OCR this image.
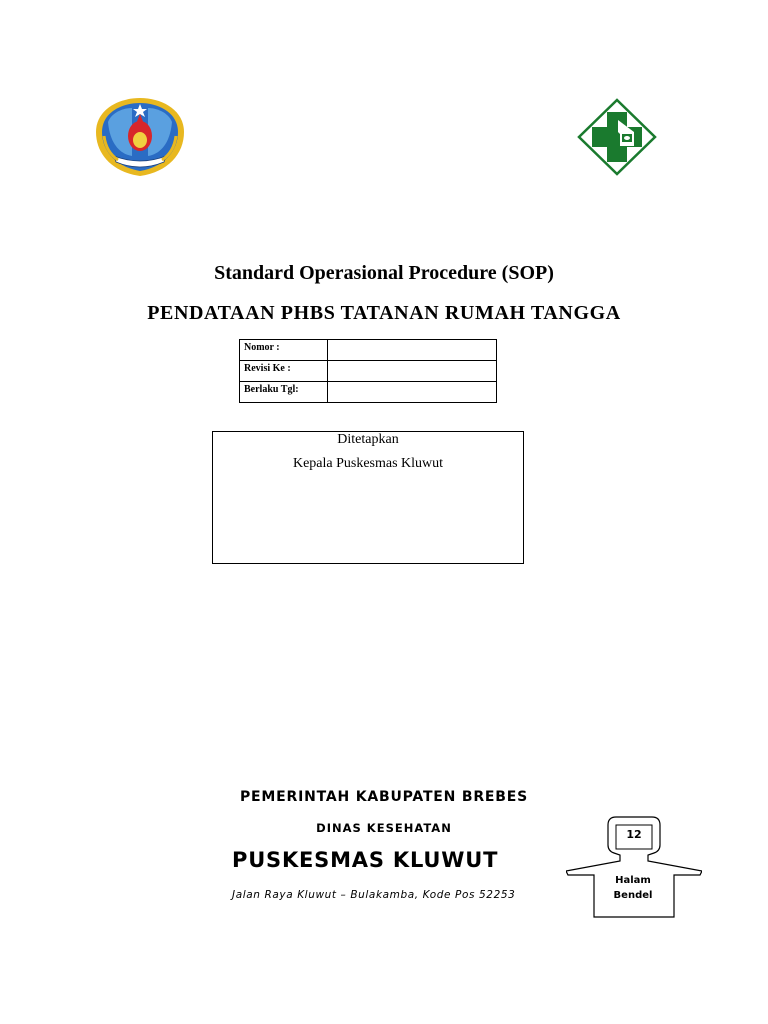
Standard Operasional Procedure (SOP)
PENDATAAN PHBS TATANAN RUMAH TANGGA
Nomor :	
Revisi Ke :	
Berlaku Tgl:	
Ditetapkan
Kepala Puskesmas Kluwut
PEMERINTAH KABUPATEN BREBES
DINAS KESEHATAN
PUSKESMAS KLUWUT
Jalan Raya Kluwut – Bulakamba, Kode Pos 52253
12
Halam
Bendel
